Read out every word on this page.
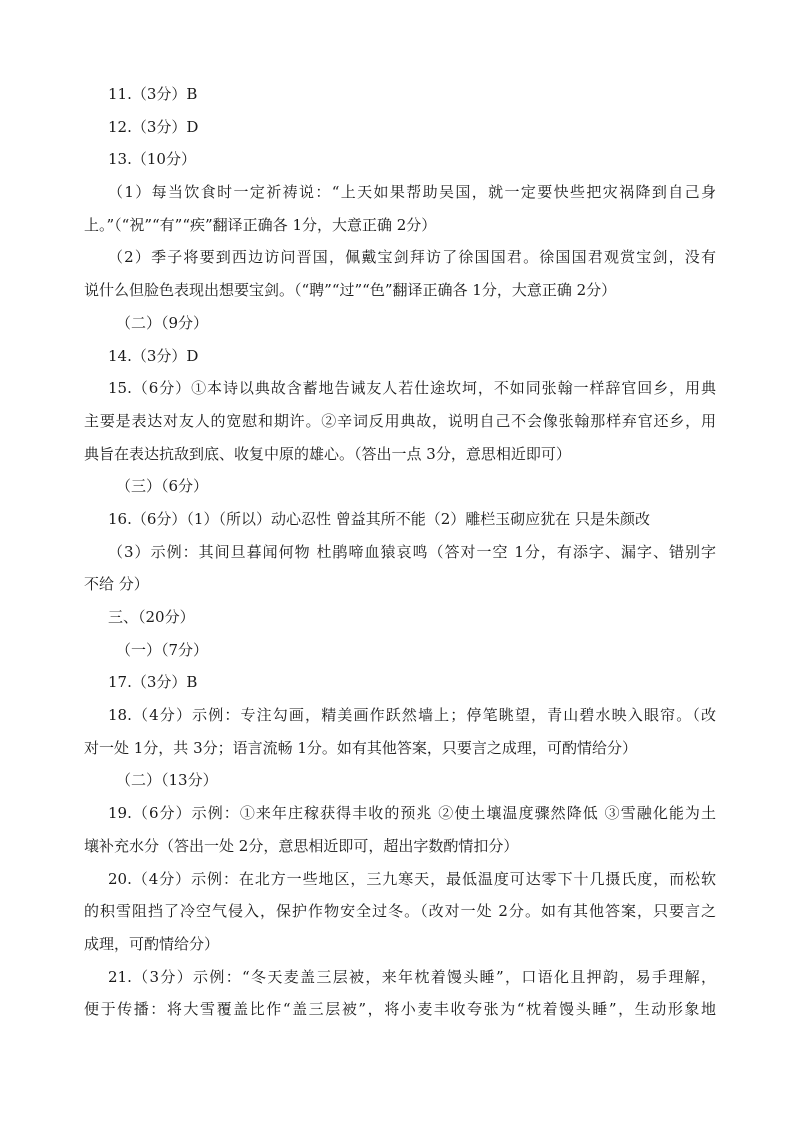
11.（3分）B
12.（3分）D
13.（10分）
（1）每当饮食时一定祈祷说：“上天如果帮助吴国，就一定要快些把灾祸降到自己身
上。”（“祝”“有”“疾”翻译正确各 1分，大意正确 2分）
（2）季子将要到西边访问晋国，佩戴宝剑拜访了徐国国君。徐国国君观赏宝剑，没有
说什么但脸色表现出想要宝剑。（“聘”“过”“色”翻译正确各 1分，大意正确 2分）
（二）（9分）
14.（3分）D
15.（6分）①本诗以典故含蓄地告诫友人若仕途坎坷，不如同张翰一样辞官回乡，用典
主要是表达对友人的宽慰和期许。②辛词反用典故，说明自己不会像张翰那样弃官还乡，用
典旨在表达抗敌到底、收复中原的雄心。（答出一点 3分，意思相近即可）
（三）（6分）
16.（6分）（1）（所以）动心忍性 曾益其所不能（2）雕栏玉砌应犹在 只是朱颜改
（3）示例：其间旦暮闻何物 杜鹃啼血猿哀鸣（答对一空 1分，有添字、漏字、错别字
不给 分）
三、（20分）
（一）（7分）
17.（3分）B
18.（4分）示例：专注勾画，精美画作跃然墙上；停笔眺望，青山碧水映入眼帘。（改
对一处 1分，共 3分；语言流畅 1分。如有其他答案，只要言之成理，可酌情给分）
（二）（13分）
19.（6分）示例：①来年庄稼获得丰收的预兆 ②使土壤温度骤然降低 ③雪融化能为土
壤补充水分（答出一处 2分，意思相近即可，超出字数酌情扣分）
20.（4分）示例：在北方一些地区，三九寒天，最低温度可达零下十几摄氏度，而松软
的积雪阻挡了冷空气侵入，保护作物安全过冬。（改对一处 2分。如有其他答案，只要言之
成理，可酌情给分）
21.（3分）示例：“冬天麦盖三层被，来年枕着馒头睡”，口语化且押韵，易手理解，
便于传播：将大雪覆盖比作“盖三层被”，将小麦丰收夸张为“枕着馒头睡”，生动形象地
